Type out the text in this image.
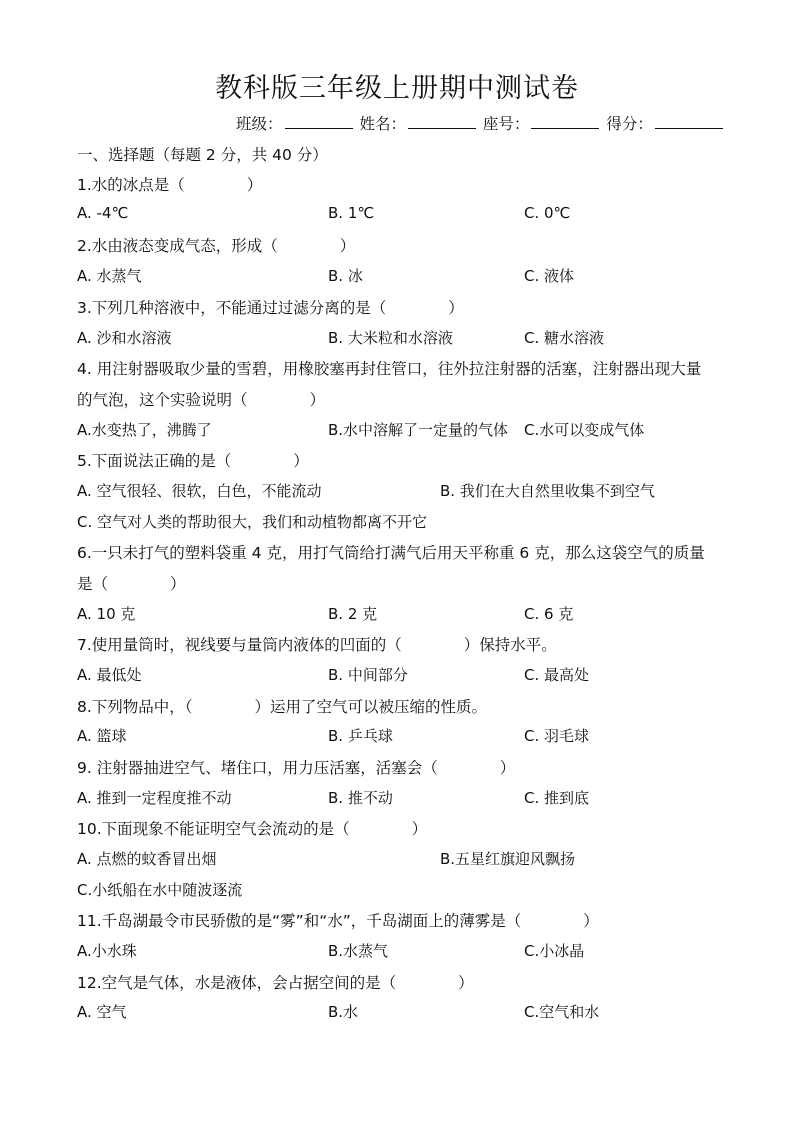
教科版三年级上册期中测试卷
班级：	姓名：	座号：	得分：
一、选择题（每题 2 分，共 40 分）
1.水的冰点是（　　　　）
A. -4℃	B. 1℃	C. 0℃
2.水由液态变成气态，形成（　　　　）
A. 水蒸气	B. 冰	C. 液体
3.下列几种溶液中，不能通过过滤分离的是（　　　　）
A. 沙和水溶液	B. 大米粒和水溶液	C. 糖水溶液
4. 用注射器吸取少量的雪碧，用橡胶塞再封住管口，往外拉注射器的活塞，注射器出现大量
的气泡，这个实验说明（　　　　）
A.水变热了，沸腾了	B.水中溶解了一定量的气体 C.水可以变成气体
5.下面说法正确的是（　　　　）
A. 空气很轻、很软，白色，不能流动	B. 我们在大自然里收集不到空气
C. 空气对人类的帮助很大，我们和动植物都离不开它
6.一只未打气的塑料袋重 4 克，用打气筒给打满气后用天平称重 6 克，那么这袋空气的质量
是（　　　　）
A. 10 克	B. 2 克	C. 6 克
7.使用量筒时，视线要与量筒内液体的凹面的（　　　　）保持水平。
A. 最低处	B. 中间部分	C. 最高处
8.下列物品中，（　　　　）运用了空气可以被压缩的性质。
A. 篮球	B. 乒乓球	C. 羽毛球
9. 注射器抽进空气、堵住口，用力压活塞，活塞会（　　　　）
A. 推到一定程度推不动	B. 推不动	C. 推到底
10.下面现象不能证明空气会流动的是（　　　　）
A. 点燃的蚊香冒出烟	B.五星红旗迎风飘扬
C.小纸船在水中随波逐流
11.千岛湖最令市民骄傲的是“雾”和“水”，千岛湖面上的薄雾是（　　　　）
A.小水珠	B.水蒸气	C.小冰晶
12.空气是气体，水是液体，会占据空间的是（　　　　）
A. 空气	B.水	C.空气和水
